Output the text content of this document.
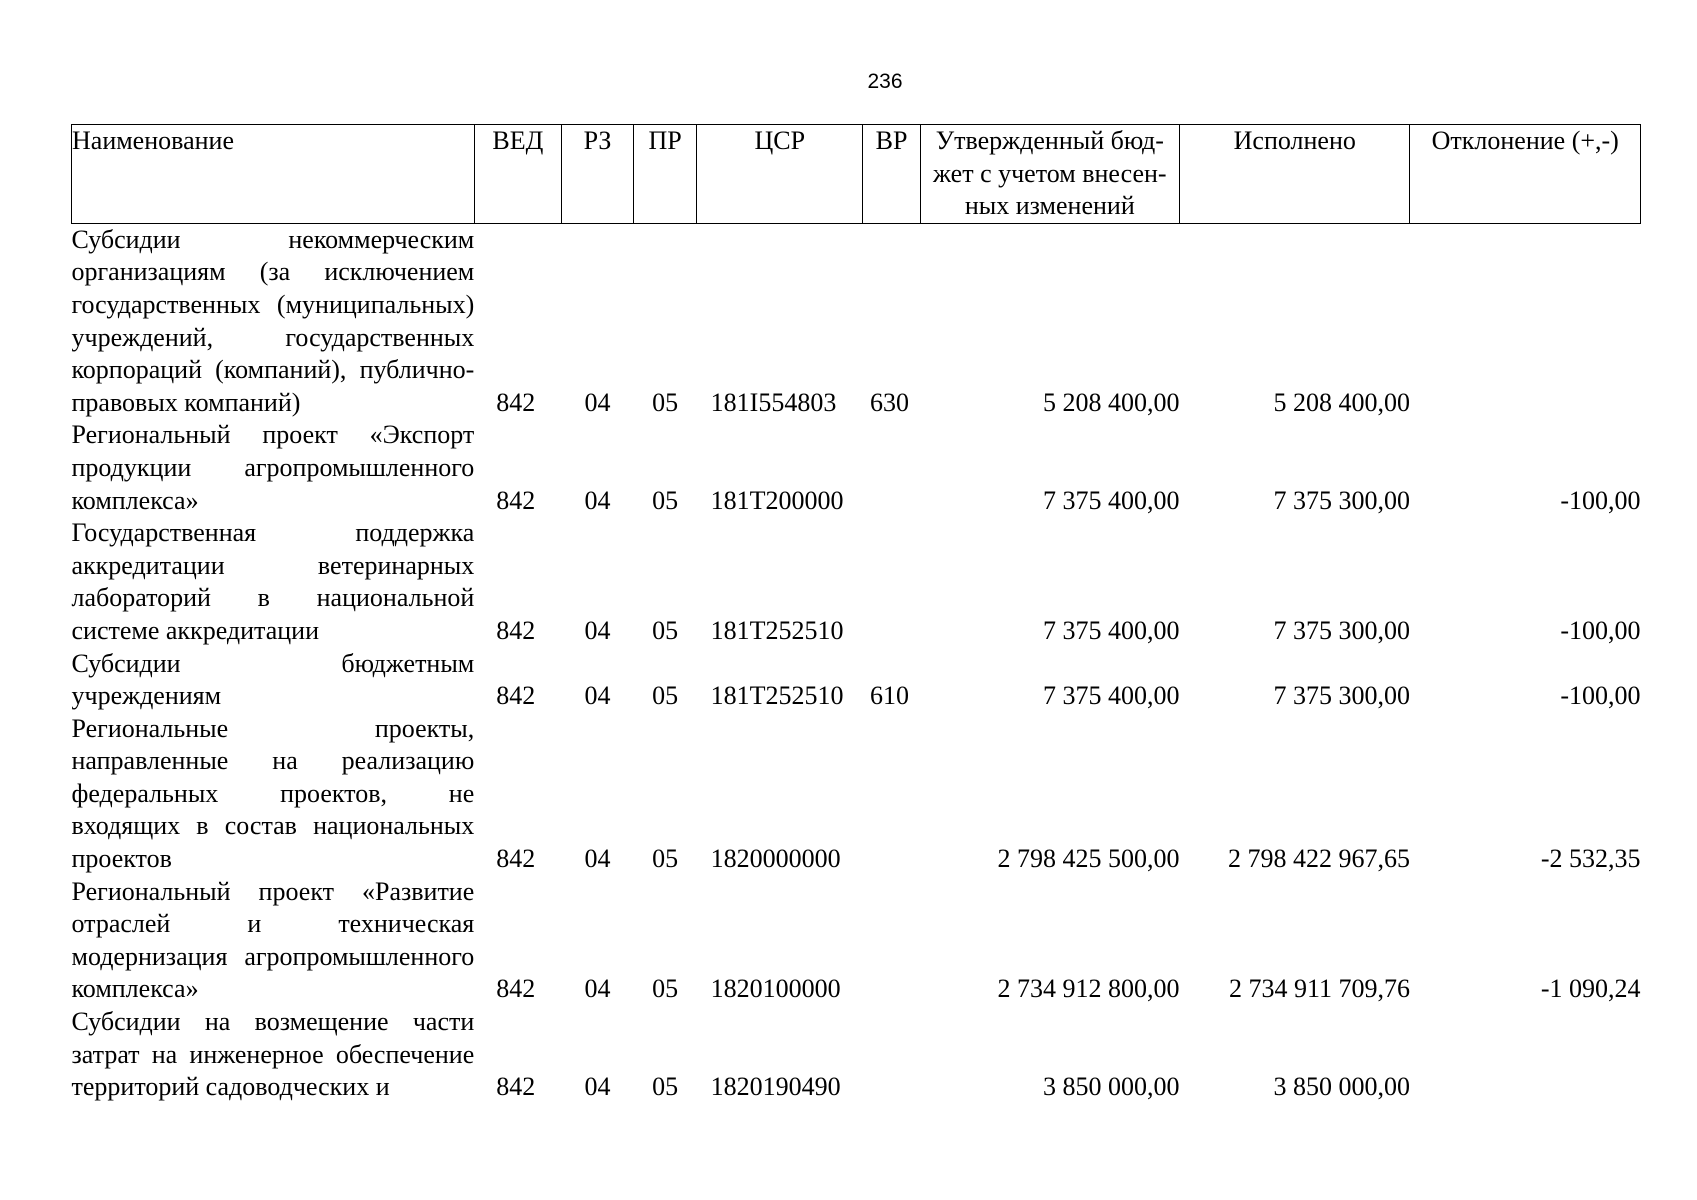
236
Наименование	ВЕД	РЗ	ПР	ЦСР	ВР	Утвержденный бюд-жет с учетом внесен-ных изменений	Исполнено	Отклонение (+,-)
Субсидии некоммерческим организациям (за исключением государственных (муниципальных) учреждений, государственных корпораций (компаний), публично-правовых компаний)	842	04	05	181I554803	630	5 208 400,00	5 208 400,00	
Региональный проект «Экспорт продукции агропромышленного комплекса»	842	04	05	181T200000		7 375 400,00	7 375 300,00	-100,00
Государственная поддержка аккредитации ветеринарных лабораторий в национальной системе аккредитации	842	04	05	181T252510		7 375 400,00	7 375 300,00	-100,00
Субсидии бюджетным учреждениям	842	04	05	181T252510	610	7 375 400,00	7 375 300,00	-100,00
Региональные проекты, направленные на реализацию федеральных проектов, не входящих в состав национальных проектов	842	04	05	1820000000		2 798 425 500,00	2 798 422 967,65	-2 532,35
Региональный проект «Развитие отраслей и техническая модернизация агропромышленного комплекса»	842	04	05	1820100000		2 734 912 800,00	2 734 911 709,76	-1 090,24
Субсидии на возмещение части затрат на инженерное обеспечение территорий садоводческих и	842	04	05	1820190490		3 850 000,00	3 850 000,00	
